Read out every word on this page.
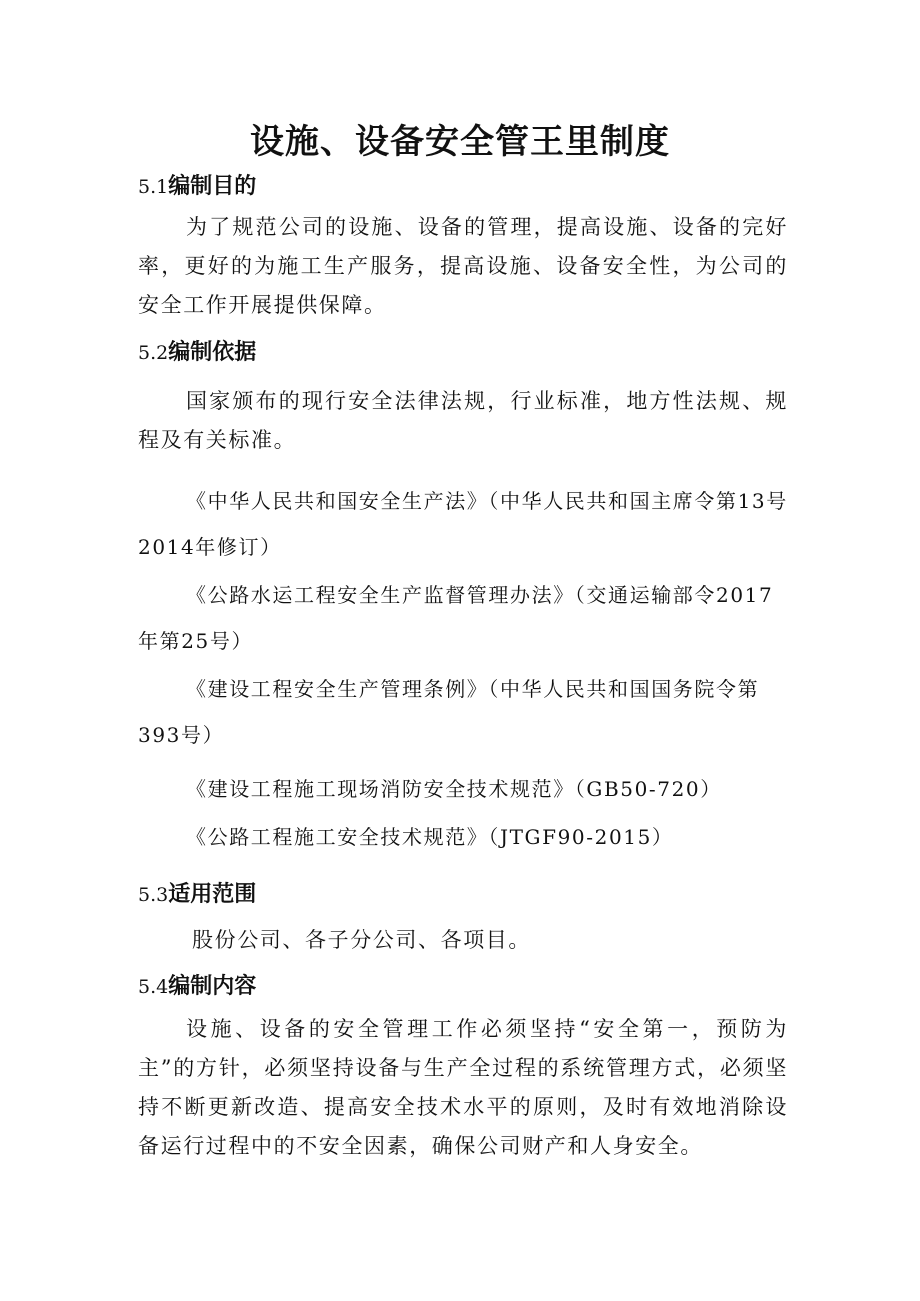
设施、设备安全管王里制度
5.1编制目的

为了规范公司的设施、设备的管理，提高设施、设备的完好率，更好的为施工生产服务，提高设施、设备安全性，为公司的安全工作开展提供保障。

5.2编制依据

国家颁布的现行安全法律法规，行业标准，地方性法规、规程及有关标准。

《中华人民共和国安全生产法》（中华人民共和国主席令第13号2014年修订）

《公路水运工程安全生产监督管理办法》（交通运输部令2017年第25号）

《建设工程安全生产管理条例》（中华人民共和国国务院令第393号）

《建设工程施工现场消防安全技术规范》（GB50-720）

《公路工程施工安全技术规范》（JTGF90-2015）

5.3适用范围

股份公司、各子分公司、各项目。

5.4编制内容

设施、设备的安全管理工作必须坚持“安全第一，预防为主”的方针，必须坚持设备与生产全过程的系统管理方式，必须坚持不断更新改造、提高安全技术水平的原则，及时有效地消除设备运行过程中的不安全因素，确保公司财产和人身安全。
